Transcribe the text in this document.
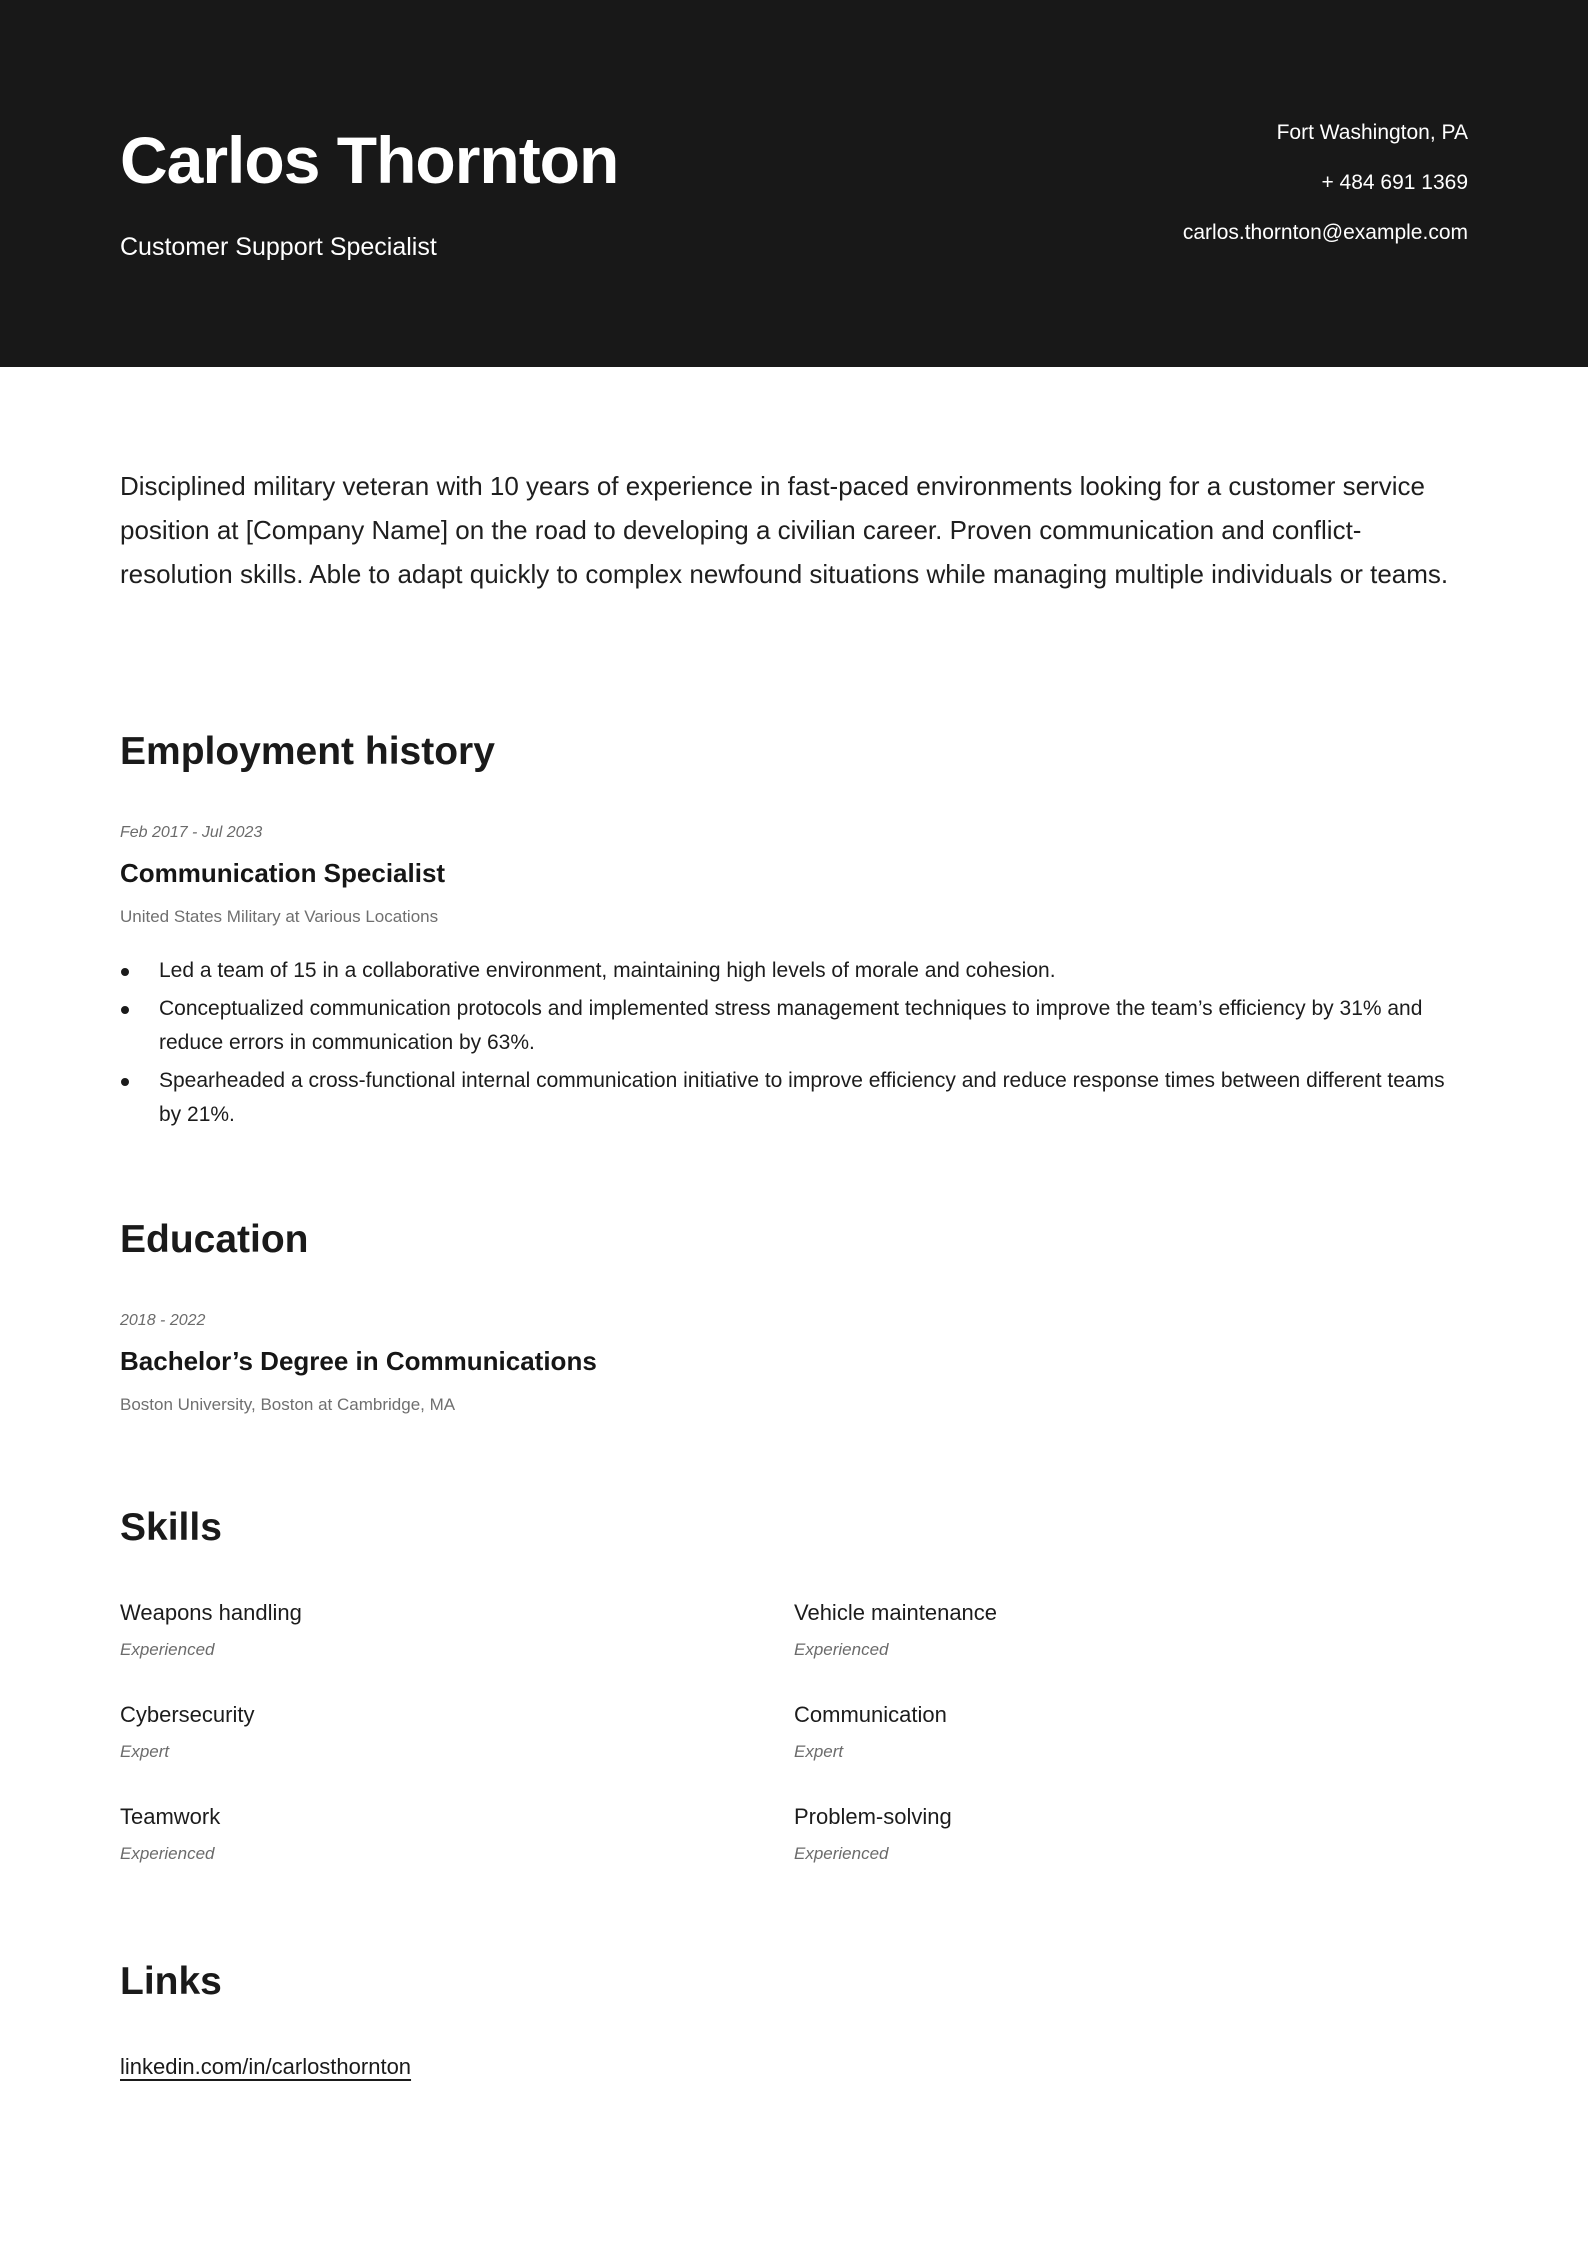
Carlos Thornton
Customer Support Specialist
Fort Washington, PA
+ 484 691 1369
carlos.thornton@example.com

Disciplined military veteran with 10 years of experience in fast-paced environments looking for a customer service position at [Company Name] on the road to developing a civilian career. Proven communication and conflict-resolution skills. Able to adapt quickly to complex newfound situations while managing multiple individuals or teams.

Employment history
Feb 2017 - Jul 2023
Communication Specialist
United States Military at Various Locations
Led a team of 15 in a collaborative environment, maintaining high levels of morale and cohesion.
Conceptualized communication protocols and implemented stress management techniques to improve the team’s efficiency by 31% and reduce errors in communication by 63%.
Spearheaded a cross-functional internal communication initiative to improve efficiency and reduce response times between different teams by 21%.
Education
2018 - 2022
Bachelor’s Degree in Communications
Boston University, Boston at Cambridge, MA
Skills
Weapons handling
Experienced
Vehicle maintenance
Experienced
Cybersecurity
Expert
Communication
Expert
Teamwork
Experienced
Problem-solving
Experienced
Links
linkedin.com/in/carlosthornton
